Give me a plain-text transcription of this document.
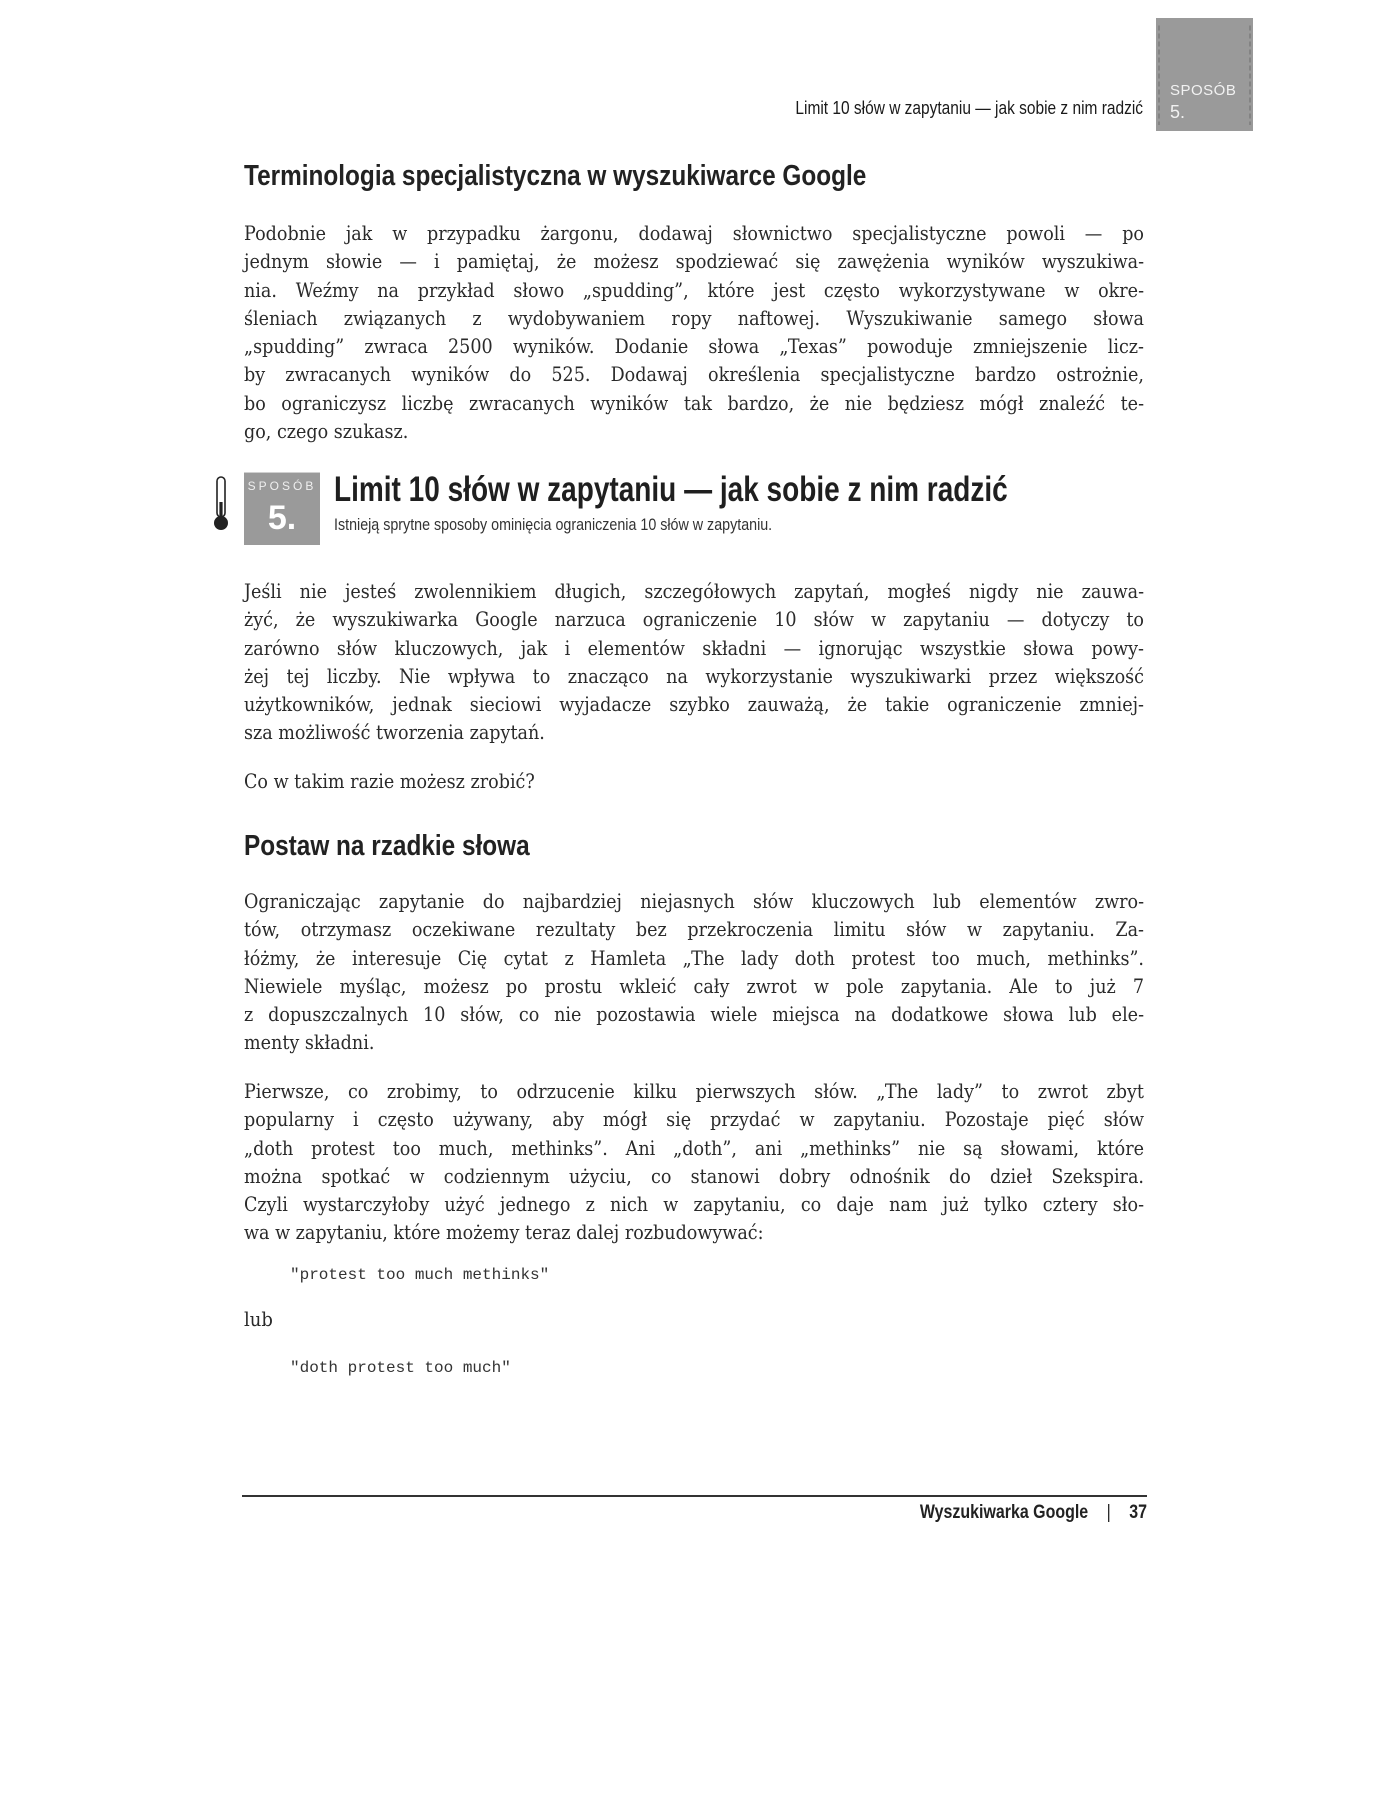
SPOSÓB
5.
Limit 10 słów w zapytaniu — jak sobie z nim radzić
Terminologia specjalistyczna w wyszukiwarce Google
Podobnie jak w przypadku żargonu, dodawaj słownictwo specjalistyczne powoli — po
jednym słowie — i pamiętaj, że możesz spodziewać się zawężenia wyników wyszukiwa-
nia. Weźmy na przykład słowo „spudding”, które jest często wykorzystywane w okre-
śleniach związanych z wydobywaniem ropy naftowej. Wyszukiwanie samego słowa
„spudding” zwraca 2500 wyników. Dodanie słowa „Texas” powoduje zmniejszenie licz-
by zwracanych wyników do 525. Dodawaj określenia specjalistyczne bardzo ostrożnie,
bo ograniczysz liczbę zwracanych wyników tak bardzo, że nie będziesz mógł znaleźć te-
go, czego szukasz.
SPOSÓB
5.
Limit 10 słów w zapytaniu — jak sobie z nim radzić
Istnieją sprytne sposoby ominięcia ograniczenia 10 słów w zapytaniu.
Jeśli nie jesteś zwolennikiem długich, szczegółowych zapytań, mogłeś nigdy nie zauwa-
żyć, że wyszukiwarka Google narzuca ograniczenie 10 słów w zapytaniu — dotyczy to
zarówno słów kluczowych, jak i elementów składni — ignorując wszystkie słowa powy-
żej tej liczby. Nie wpływa to znacząco na wykorzystanie wyszukiwarki przez większość
użytkowników, jednak sieciowi wyjadacze szybko zauważą, że takie ograniczenie zmniej-
sza możliwość tworzenia zapytań.
Co w takim razie możesz zrobić?
Postaw na rzadkie słowa
Ograniczając zapytanie do najbardziej niejasnych słów kluczowych lub elementów zwro-
tów, otrzymasz oczekiwane rezultaty bez przekroczenia limitu słów w zapytaniu. Za-
łóżmy, że interesuje Cię cytat z Hamleta „The lady doth protest too much, methinks”.
Niewiele myśląc, możesz po prostu wkleić cały zwrot w pole zapytania. Ale to już 7
z dopuszczalnych 10 słów, co nie pozostawia wiele miejsca na dodatkowe słowa lub ele-
menty składni.
Pierwsze, co zrobimy, to odrzucenie kilku pierwszych słów. „The lady” to zwrot zbyt
popularny i często używany, aby mógł się przydać w zapytaniu. Pozostaje pięć słów
„doth protest too much, methinks”. Ani „doth”, ani „methinks” nie są słowami, które
można spotkać w codziennym użyciu, co stanowi dobry odnośnik do dzieł Szekspira.
Czyli wystarczyłoby użyć jednego z nich w zapytaniu, co daje nam już tylko cztery sło-
wa w zapytaniu, które możemy teraz dalej rozbudowywać:
"protest too much methinks"
lub
"doth protest too much"
Wyszukiwarka Google | 37
